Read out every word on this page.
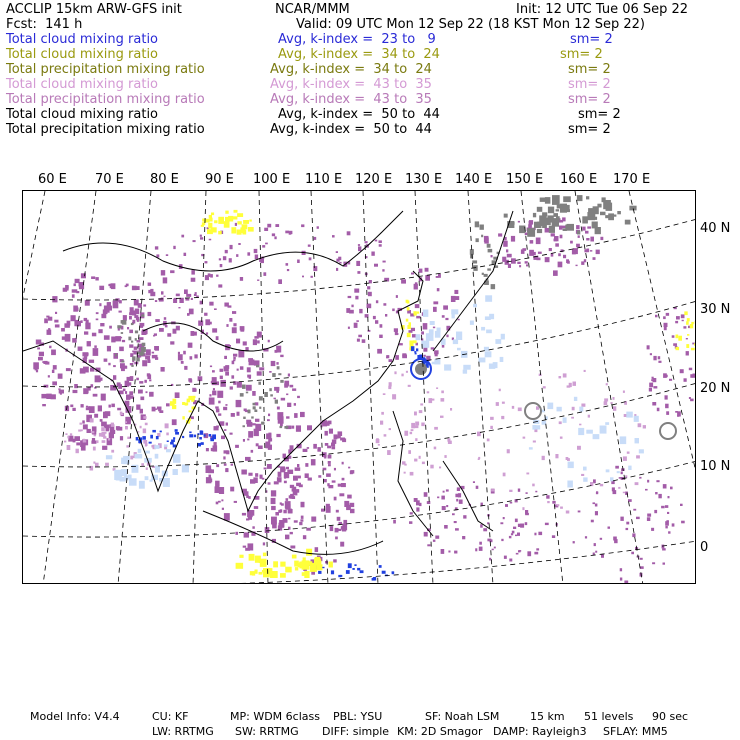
ACCLIP 15km ARW-GFS init	NCAR/MMM	Init: 12 UTC Tue 06 Sep 22
Fcst:  141 h	Valid: 09 UTC Mon 12 Sep 22 (18 KST Mon 12 Sep 22)
Total cloud mixing ratio	Avg, k-index =  23 to   9	sm= 2
Total cloud mixing ratio	Avg, k-index =  34 to  24	sm= 2
Total precipitation mixing ratio	Avg, k-index =  34 to  24	sm= 2
Total cloud mixing ratio	Avg, k-index =  43 to  35	sm= 2
Total precipitation mixing ratio	Avg, k-index =  43 to  35	sm= 2
Total cloud mixing ratio	Avg, k-index =  50 to  44	sm= 2
Total precipitation mixing ratio	Avg, k-index =  50 to  44	sm= 2
60 E 70 E 80 E 90 E 100 E 110 E 120 E 130 E 140 E 150 E 160 E 170 E
40 N
30 N
20 N
10 N
0
Model Info: V4.4	CU: KF	MP: WDM 6class PBL: YSU	SF: Noah LSM	15 km 51 levels 90 sec
LW: RRTMG SW: RRTMG DIFF: simple KM: 2D Smagor DAMP: Rayleigh3 SFLAY: MM5
